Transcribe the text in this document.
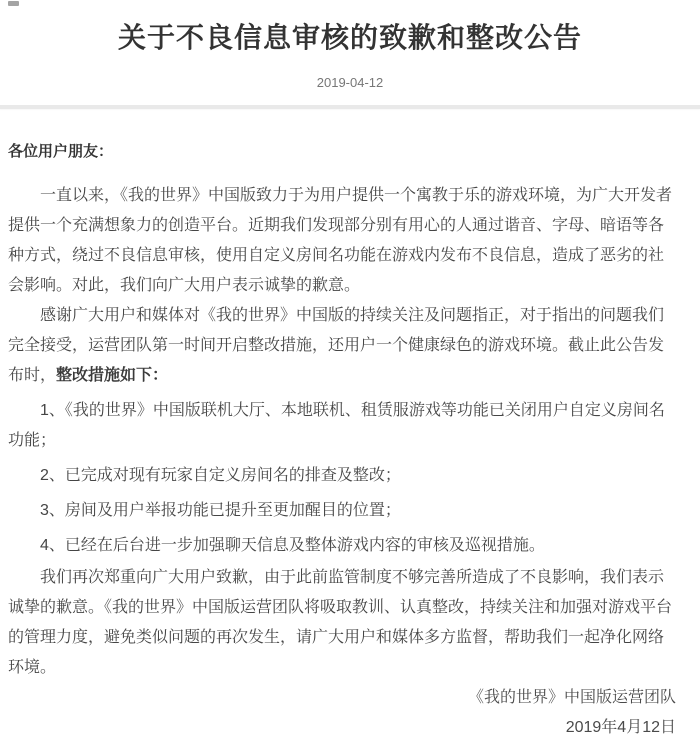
关于不良信息审核的致歉和整改公告
2019-04-12

各位用户朋友：

一直以来，《我的世界》中国版致力于为用户提供一个寓教于乐的游戏环境，为广大开发者提供一个充满想象力的创造平台。近期我们发现部分别有用心的人通过谐音、字母、暗语等各种方式，绕过不良信息审核，使用自定义房间名功能在游戏内发布不良信息，造成了恶劣的社会影响。对此，我们向广大用户表示诚挚的歉意。

感谢广大用户和媒体对《我的世界》中国版的持续关注及问题指正，对于指出的问题我们完全接受，运营团队第一时间开启整改措施，还用户一个健康绿色的游戏环境。截止此公告发布时，整改措施如下：

1、《我的世界》中国版联机大厅、本地联机、租赁服游戏等功能已关闭用户自定义房间名功能；

2、已完成对现有玩家自定义房间名的排查及整改；

3、房间及用户举报功能已提升至更加醒目的位置；

4、已经在后台进一步加强聊天信息及整体游戏内容的审核及巡视措施。

我们再次郑重向广大用户致歉，由于此前监管制度不够完善所造成了不良影响，我们表示诚挚的歉意。《我的世界》中国版运营团队将吸取教训、认真整改，持续关注和加强对游戏平台的管理力度，避免类似问题的再次发生，请广大用户和媒体多方监督，帮助我们一起净化网络环境。

《我的世界》中国版运营团队

2019年4月12日
